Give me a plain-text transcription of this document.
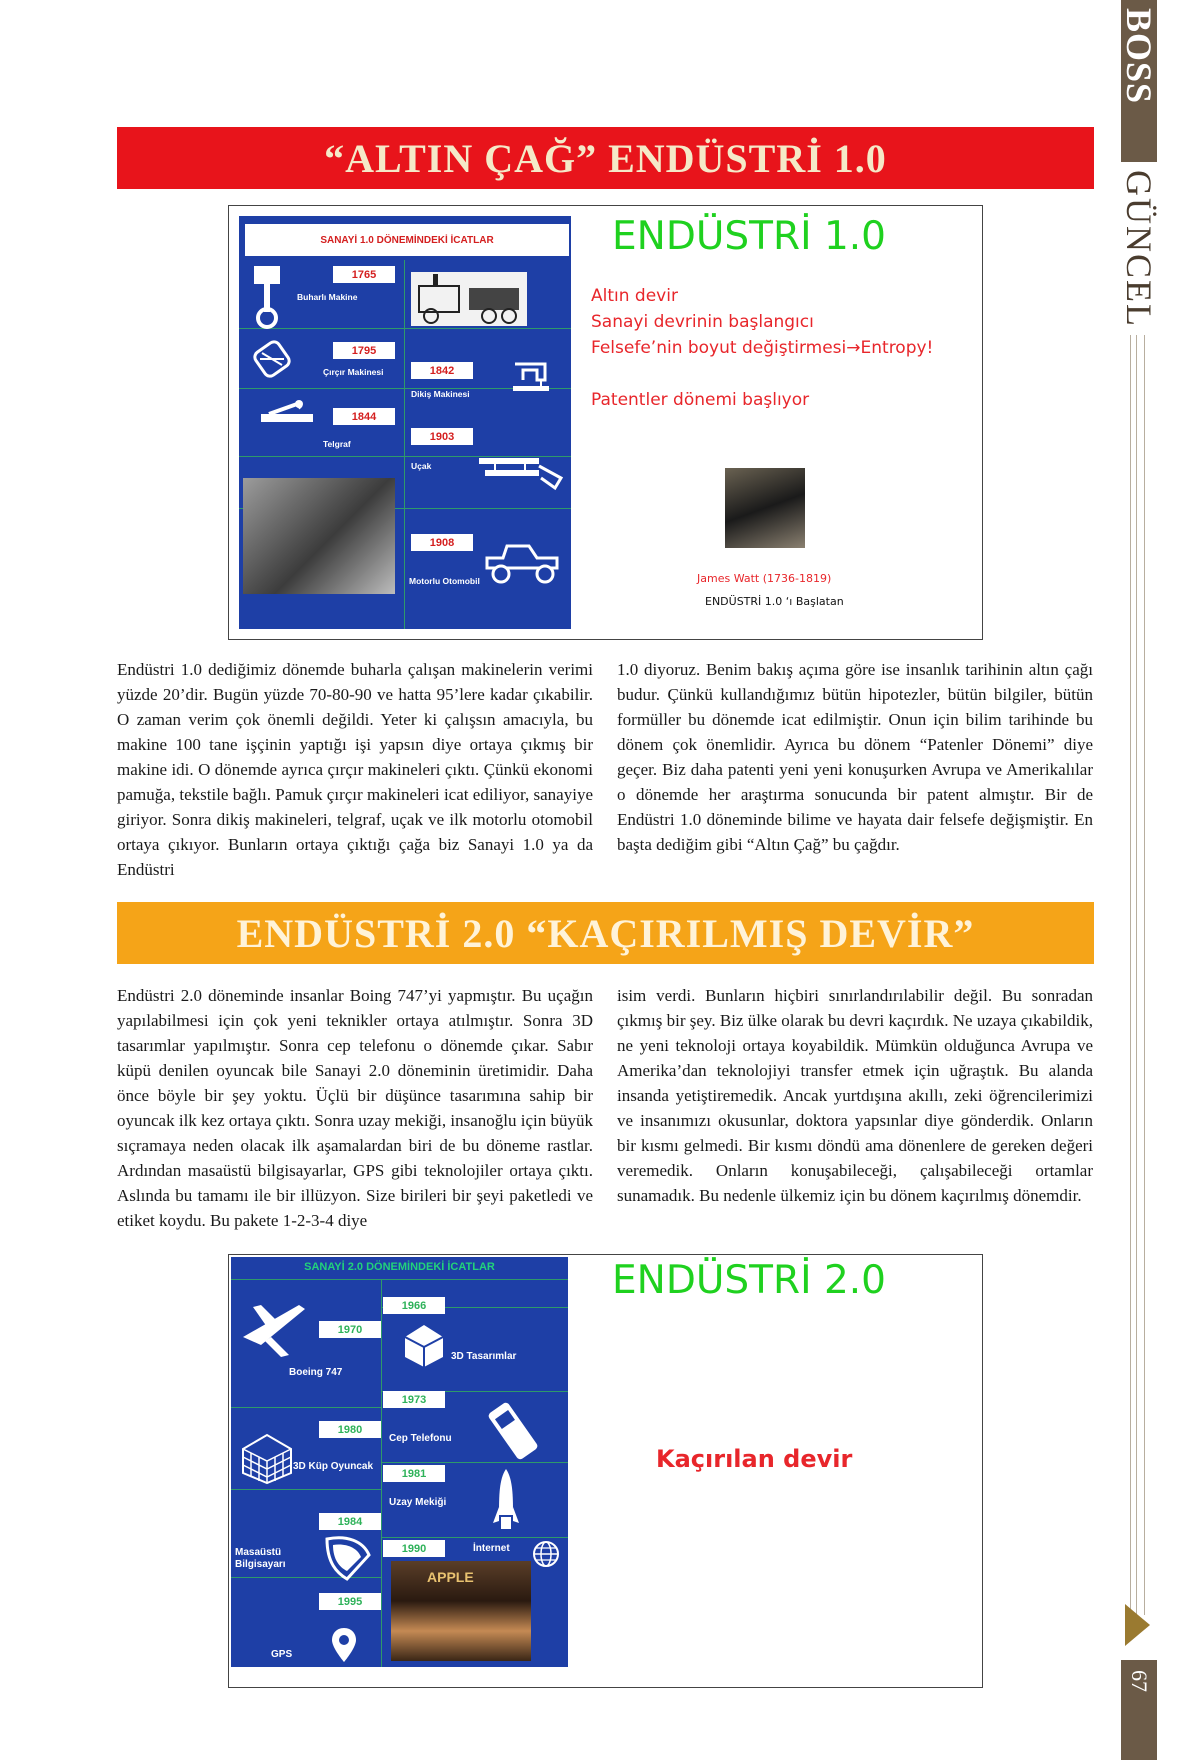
BOSS
GÜNCEL
67
“ALTIN ÇAĞ” ENDÜSTRİ 1.0
SANAYİ 1.0 DÖNEMİNDEKİ İCATLAR
1765
Buharlı Makine
1795
Çırçır Makinesi	1842
Dikiş Makinesi
1844
Telgraf
1903
Uçak
1908
Motorlu Otomobil
ENDÜSTRİ 1.0
Altın devir
Sanayi devrinin başlangıcı
Felsefe’nin boyut değiştirmesi→Entropy!
Patentler dönemi başlıyor
James Watt (1736-1819)
ENDÜSTRİ 1.0 ‘ı Başlatan

Endüstri 1.0 dediğimiz dönemde buharla çalışan makinelerin verimi yüzde 20’dir. Bugün yüzde 70-80-90 ve hatta 95’lere kadar çıkabilir. O zaman verim çok önemli değildi. Yeter ki çalışsın amacıyla, bu makine 100 tane işçinin yaptığı işi yapsın diye ortaya çıkmış bir makine idi. O dönemde ayrıca çırçır makineleri çıktı. Çünkü ekonomi pamuğa, tekstile bağlı. Pamuk çırçır makineleri icat ediliyor, sanayiye giriyor. Sonra dikiş makineleri, telgraf, uçak ve ilk motorlu otomobil ortaya çıkıyor. Bunların ortaya çıktığı çağa biz Sanayi 1.0 ya da Endüstri

1.0 diyoruz. Benim bakış açıma göre ise insanlık tarihinin altın çağı budur. Çünkü kullandığımız bütün hipotezler, bütün bilgiler, bütün formüller bu dönemde icat edilmiştir. Onun için bilim tarihinde bu dönem çok önemlidir. Ayrıca bu dönem “Patenler Dönemi” diye geçer. Biz daha patenti yeni yeni konuşurken Avrupa ve Amerikalılar o dönemde her araştırma sonucunda bir patent almıştır. Bir de Endüstri 1.0 döneminde bilime ve hayata dair felsefe değişmiştir. En başta dediğim gibi “Altın Çağ” bu çağdır.

ENDÜSTRİ 2.0 “KAÇIRILMIŞ DEVİR”

Endüstri 2.0 döneminde insanlar Boing 747’yi yapmıştır. Bu uçağın yapılabilmesi için çok yeni teknikler ortaya atılmıştır. Sonra 3D tasarımlar yapılmıştır. Sonra cep telefonu o dönemde çıkar. Sabır küpü denilen oyuncak bile Sanayi 2.0 döneminin üretimidir. Daha önce böyle bir şey yoktu. Üçlü bir düşünce tasarımına sahip bir oyuncak ilk kez ortaya çıktı. Sonra uzay mekiği, insanoğlu için büyük sıçramaya neden olacak ilk aşamalardan biri de bu döneme rastlar. Ardından masaüstü bilgisayarlar, GPS gibi teknolojiler ortaya çıktı. Aslında bu tamamı ile bir illüzyon. Size birileri bir şeyi paketledi ve etiket koydu. Bu pakete 1-2-3-4 diye

isim verdi. Bunların hiçbiri sınırlandırılabilir değil. Bu sonradan çıkmış bir şey. Biz ülke olarak bu devri kaçırdık. Ne uzaya çıkabildik, ne yeni teknoloji ortaya koyabildik. Mümkün olduğunca Avrupa ve Amerika’dan teknolojiyi transfer etmek için uğraştık. Bu alanda insanda yetiştiremedik. Ancak yurtdışına akıllı, zeki öğrencilerimizi ve insanımızı okusunlar, doktora yapsınlar diye gönderdik. Onların bir kısmı gelmedi. Bir kısmı döndü ama dönenlere de gereken değeri veremedik. Onların konuşabileceği, çalışabileceği ortamlar sunamadık. Bu nedenle ülkemiz için bu dönem kaçırılmış dönemdir.

SANAYİ 2.0 DÖNEMİNDEKİ İCATLAR
1970
Boeing 747
1966
3D Tasarımlar
1973
Cep Telefonu
1980
3D Küp Oyuncak
1981
Uzay Mekiği
1984
Masaüstü
Bilgisayarı
1990	İnternet
APPLE
1995
GPS
ENDÜSTRİ 2.0
Kaçırılan devir
